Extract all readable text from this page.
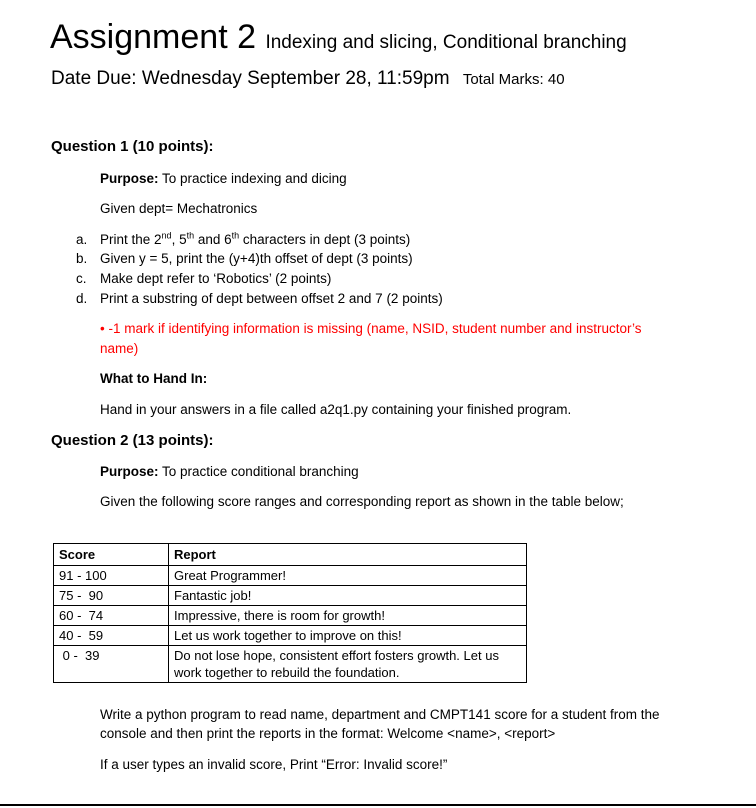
Assignment 2 Indexing and slicing, Conditional branching
Date Due: Wednesday September 28, 11:59pm Total Marks: 40
Question 1 (10 points):
Purpose: To practice indexing and dicing
Given dept= Mechatronics
a. Print the 2nd, 5th and 6th characters in dept (3 points)
b. Given y = 5, print the (y+4)th offset of dept (3 points)
c. Make dept refer to ‘Robotics’ (2 points)
d. Print a substring of dept between offset 2 and 7 (2 points)
• -1 mark if identifying information is missing (name, NSID, student number and instructor’s
name)
What to Hand In:
Hand in your answers in a file called a2q1.py containing your finished program.
Question 2 (13 points):
Purpose: To practice conditional branching
Given the following score ranges and corresponding report as shown in the table below;
Score	Report
91 - 100	Great Programmer!
75 -  90	Fantastic job!
60 -  74	Impressive, there is room for growth!
40 -  59	Let us work together to improve on this!
0 -  39	Do not lose hope, consistent effort fosters growth. Let us work together to rebuild the foundation.
Write a python program to read name, department and CMPT141 score for a student from the
console and then print the reports in the format: Welcome <name>, <report>
If a user types an invalid score, Print “Error: Invalid score!”
